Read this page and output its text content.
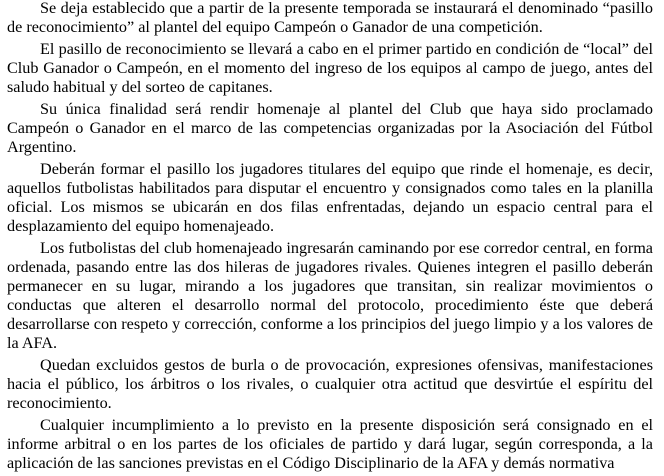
Se deja establecido que a partir de la presente temporada se instaurará el denominado “pasillo de reconocimiento” al plantel del equipo Campeón o Ganador de una competición.

El pasillo de reconocimiento se llevará a cabo en el primer partido en condición de “local” del Club Ganador o Campeón, en el momento del ingreso de los equipos al campo de juego, antes del saludo habitual y del sorteo de capitanes.

Su única finalidad será rendir homenaje al plantel del Club que haya sido proclamado Campeón o Ganador en el marco de las competencias organizadas por la Asociación del Fútbol Argentino.

Deberán formar el pasillo los jugadores titulares del equipo que rinde el homenaje, es decir, aquellos futbolistas habilitados para disputar el encuentro y consignados como tales en la planilla oficial. Los mismos se ubicarán en dos filas enfrentadas, dejando un espacio central para el desplazamiento del equipo homenajeado.

Los futbolistas del club homenajeado ingresarán caminando por ese corredor central, en forma ordenada, pasando entre las dos hileras de jugadores rivales. Quienes integren el pasillo deberán permanecer en su lugar, mirando a los jugadores que transitan, sin realizar movimientos o conductas que alteren el desarrollo normal del protocolo, procedimiento éste que deberá desarrollarse con respeto y corrección, conforme a los principios del juego limpio y a los valores de la AFA.

Quedan excluidos gestos de burla o de provocación, expresiones ofensivas, manifestaciones hacia el público, los árbitros o los rivales, o cualquier otra actitud que desvirtúe el espíritu del reconocimiento.

Cualquier incumplimiento a lo previsto en la presente disposición será consignado en el informe arbitral o en los partes de los oficiales de partido y dará lugar, según corresponda, a la aplicación de las sanciones previstas en el Código Disciplinario de la AFA y demás normativa
